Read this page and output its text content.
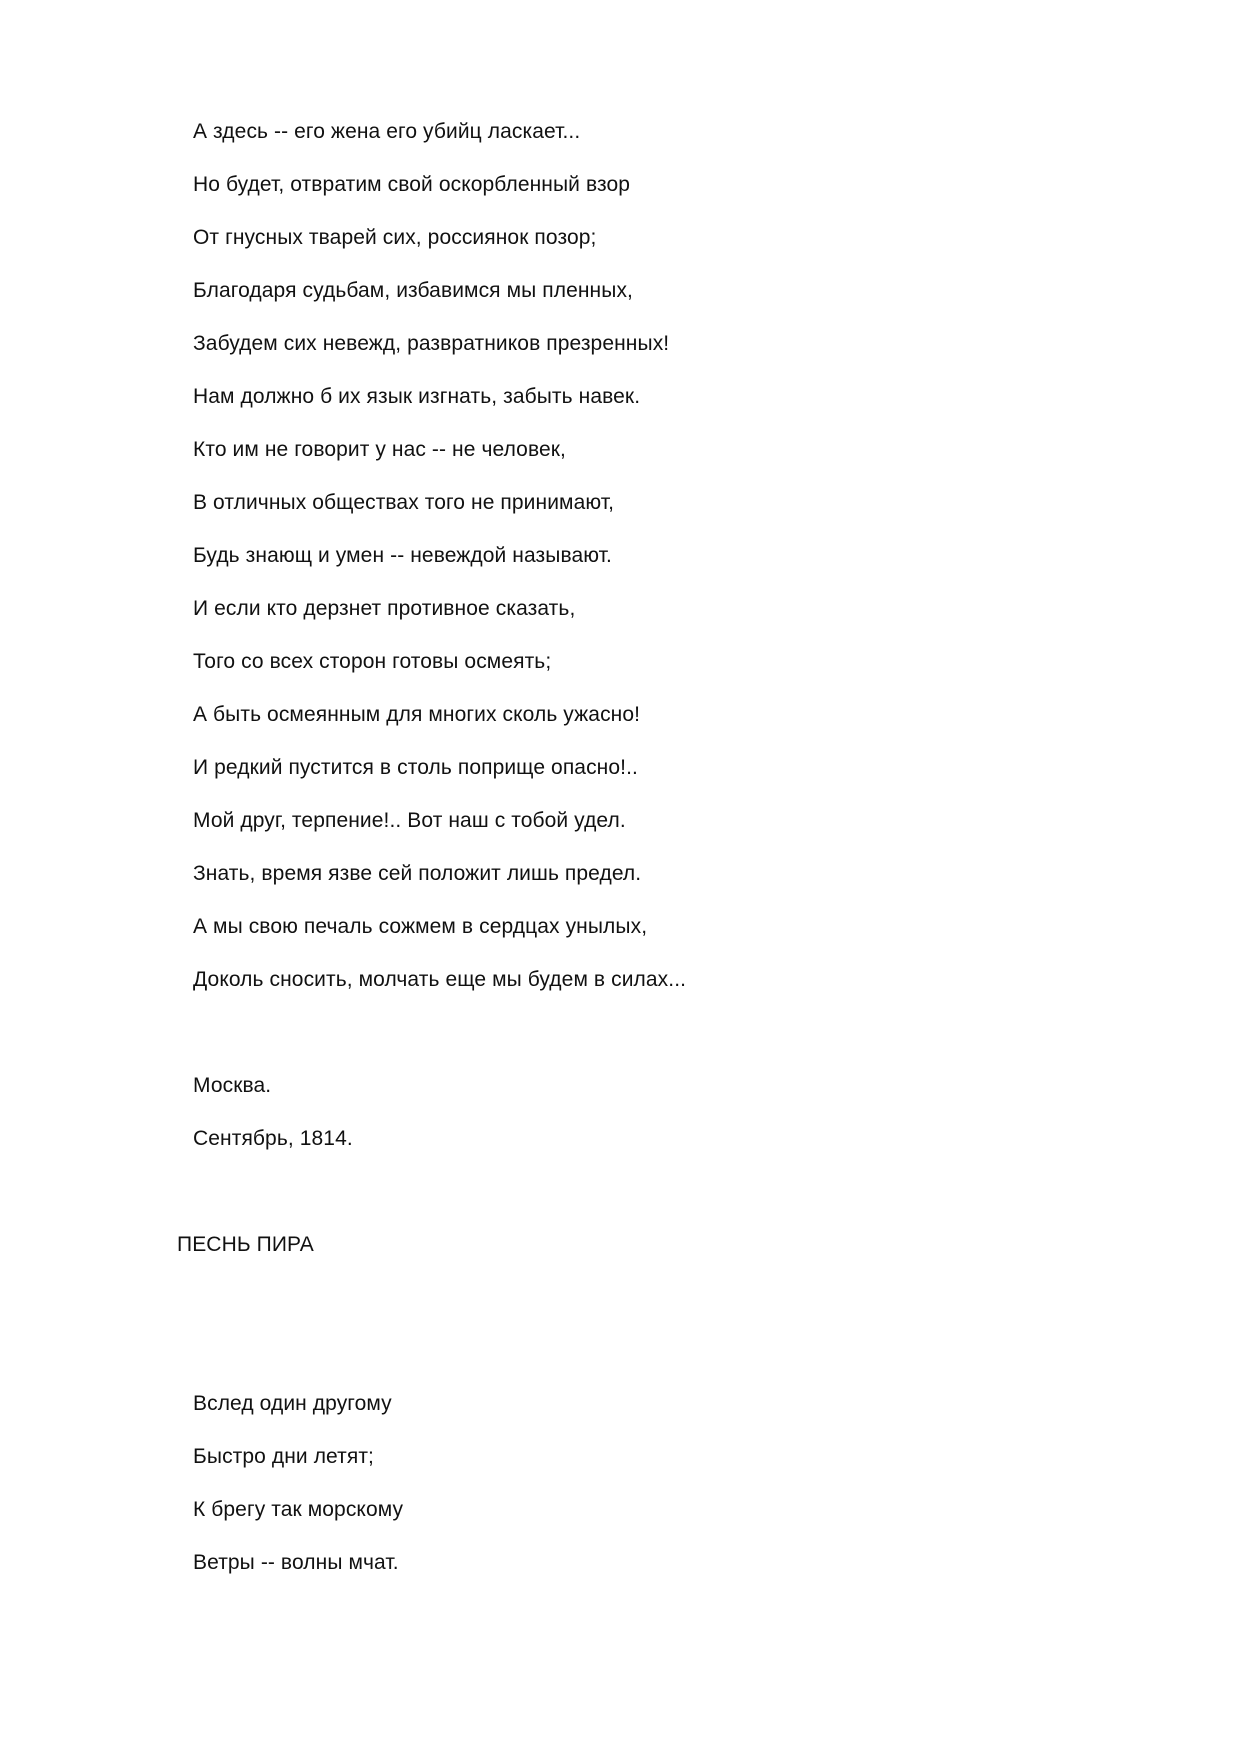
А здесь -- его жена его убийц ласкает...
Но будет, отвратим свой оскорбленный взор
От гнусных тварей сих, россиянок позор;
Благодаря судьбам, избавимся мы пленных,
Забудем сих невежд, развратников презренных!
Нам должно б их язык изгнать, забыть навек.
Кто им не говорит у нас -- не человек,
В отличных обществах того не принимают,
Будь знающ и умен -- невеждой называют.
И если кто дерзнет противное сказать,
Того со всех сторон готовы осмеять;
А быть осмеянным для многих сколь ужасно!
И редкий пустится в столь поприще опасно!..
Мой друг, терпение!.. Вот наш с тобой удел.
Знать, время язве сей положит лишь предел.
А мы свою печаль сожмем в сердцах унылых,
Доколь сносить, молчать еще мы будем в силах...
Москва.
Сентябрь, 1814.
ПЕСНЬ ПИРА
Вслед один другому
Быстро дни летят;
К брегу так морскому
Ветры -- волны мчат.
